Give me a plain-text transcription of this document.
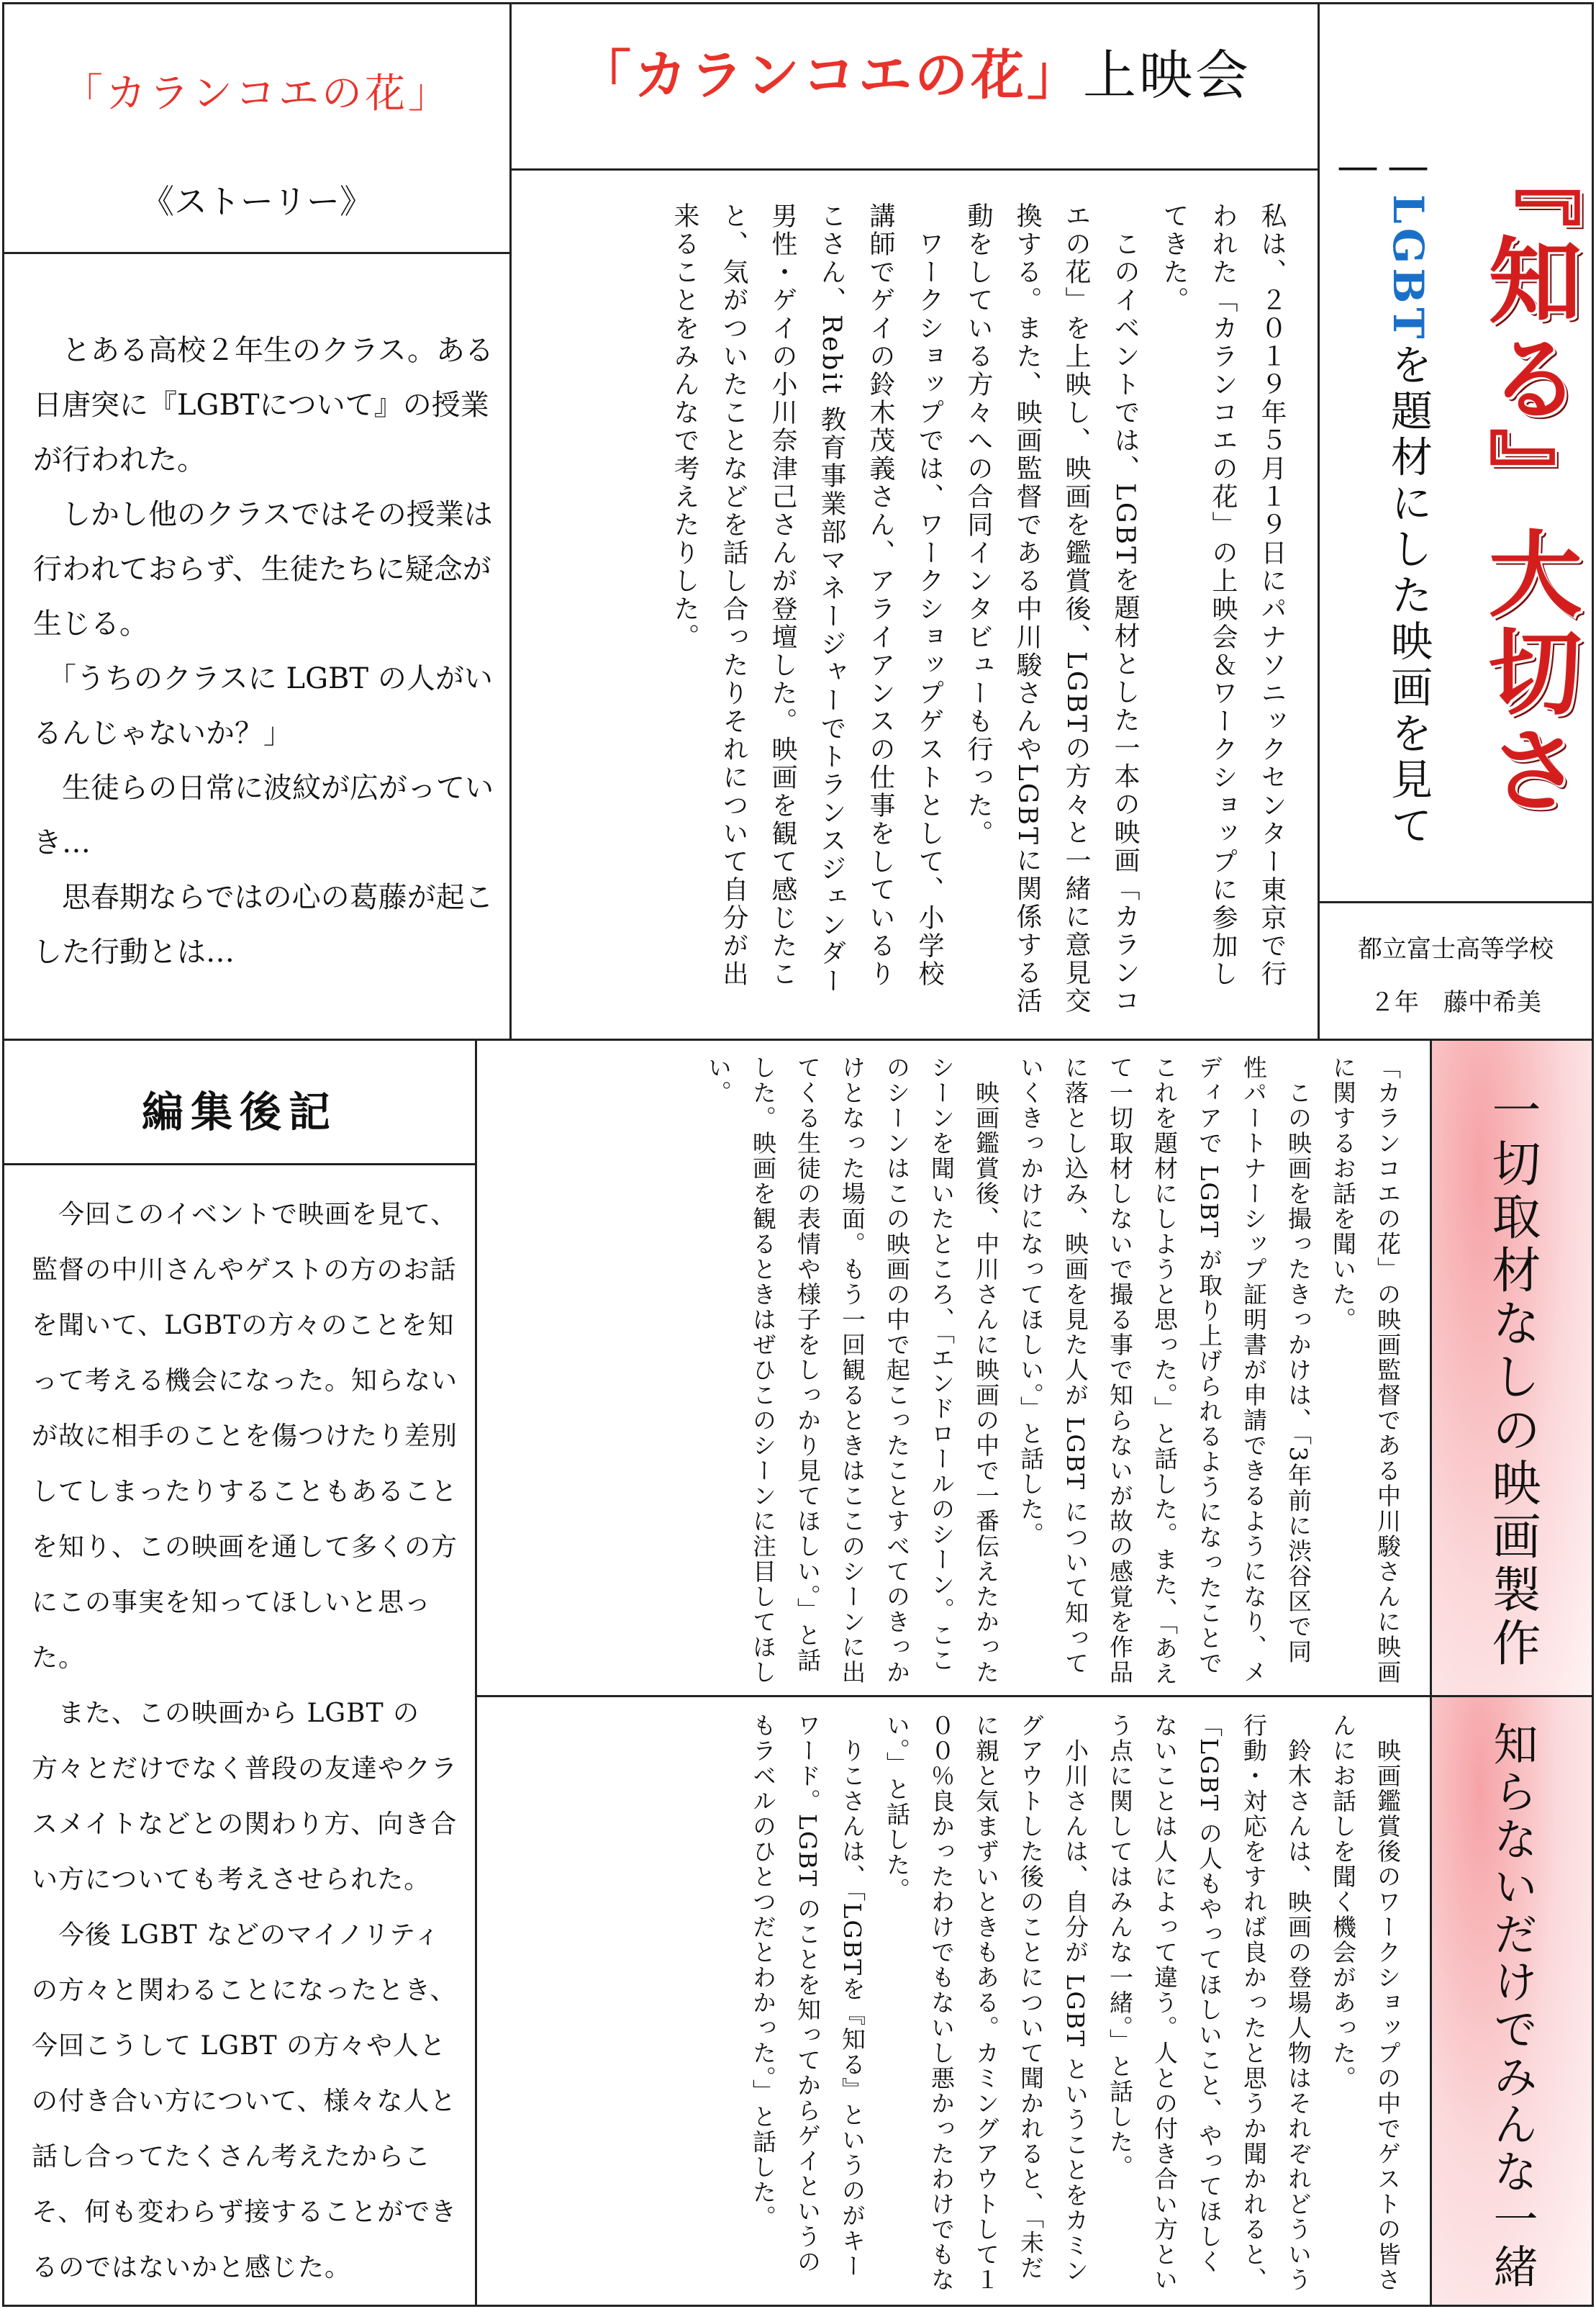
「カランコエの花」
《ストーリー》
　とある高校２年生のクラス。ある日唐突に『LGBTについて』の授業が行われた。
　しかし他のクラスではその授業は行われておらず、生徒たちに疑念が生じる。
　「うちのクラスに LGBT の人がいるんじゃないか？」
　生徒らの日常に波紋が広がっていき…
　思春期ならではの心の葛藤が起こした行動とは…
「カランコエの花」上映会
私は、２０１９年５月１９日にパナソニックセンター東京で行われた「カランコエの花」の上映会＆ワークショップに参加してきた。
　このイベントでは、LGBTを題材とした一本の映画「カランコエの花」を上映し、映画を鑑賞後、LGBTの方々と一緒に意見交換する。また、映画監督である中川駿さんやLGBTに関係する活動をしている方々への合同インタビューも行った。
　ワークショップでは、ワークショップゲストとして、小学校講師でゲイの鈴木茂義さん、アライアンスの仕事をしているりこさん、Rebit 教育事業部マネージャーでトランスジェンダー男性・ゲイの小川奈津己さんが登壇した。映画を観て感じたこと、気がついたことなどを話し合ったりそれについて自分が出来ることをみんなで考えたりした。	『知る』大切さ
—LGBTを題材にした映画を見て—
都立富士高等学校
２年　藤中希美
編集後記
　今回このイベントで映画を見て、監督の中川さんやゲストの方のお話を聞いて、LGBTの方々のことを知って考える機会になった。知らないが故に相手のことを傷つけたり差別してしまったりすることもあることを知り、この映画を通して多くの方にこの事実を知ってほしいと思った。
　また、この映画から LGBT の方々とだけでなく普段の友達やクラスメイトなどとの関わり方、向き合い方についても考えさせられた。
　今後 LGBT などのマイノリティの方々と関わることになったとき、今回こうして LGBT の方々や人との付き合い方について、様々な人と話し合ってたくさん考えたからこそ、何も変わらず接することができるのではないかと感じた。
「カランコエの花」の映画監督である中川駿さんに映画に関するお話を聞いた。
　この映画を撮ったきっかけは、「3年前に渋谷区で同性パートナーシップ証明書が申請できるようになり、メディアで LGBT が取り上げられるようになったことでこれを題材にしようと思った。」と話した。また、「あえて一切取材しないで撮る事で知らないが故の感覚を作品に落とし込み、映画を見た人が LGBT について知っていくきっかけになってほしい。」と話した。
　映画鑑賞後、中川さんに映画の中で一番伝えたかったシーンを聞いたところ、「エンドロールのシーン。ここのシーンはこの映画の中で起こったことすべてのきっかけとなった場面。もう一回観るときはここのシーンに出てくる生徒の表情や様子をしっかり見てほしい。」と話した。映画を観るときはぜひこのシーンに注目してほしい。
　映画鑑賞後のワークショップの中でゲストの皆さんにお話しを聞く機会があった。
　鈴木さんは、映画の登場人物はそれぞれどういう行動・対応をすれば良かったと思うか聞かれると、「LGBT の人もやってほしいこと、やってほしくないことは人によって違う。人との付き合い方という点に関してはみんな一緒。」と話した。
　小川さんは、自分が LGBT ということをカミングアウトした後のことについて聞かれると、「未だに親と気まずいときもある。カミングアウトして１００％良かったわけでもないし悪かったわけでもない。」と話した。
　りこさんは、「LGBTを『知る』というのがキーワード。LGBT のことを知ってからゲイというのもラベルのひとつだとわかった。」と話した。
一切取材なしの映画製作
知らないだけでみんな一緒
